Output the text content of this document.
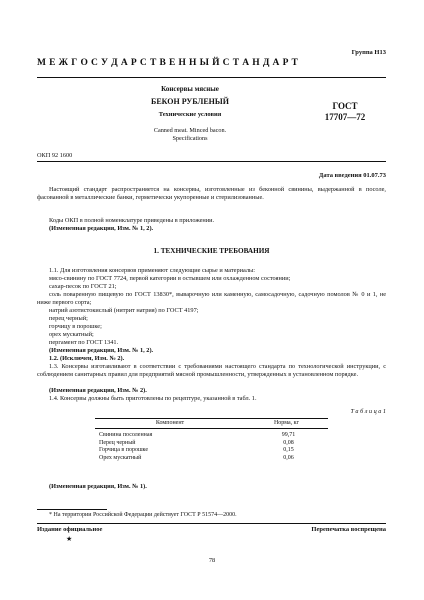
Группа Н13
М Е Ж Г О С У Д А Р С Т В Е Н Н Ы Й С Т А Н Д А Р Т
Консервы мясные
БЕКОН РУБЛЕНЫЙ
Технические условия
Canned meat. Minced bacon.
Specifications
ГОСТ
17707—72
ОКП 92 1600
Дата введения 01.07.73
Настоящий стандарт распространяется на консервы, изготовленные из беконной свинины, выдержанной в посоле, фасованной в металлические банки, герметически укупоренные и стерилизованные.
Коды ОКП в полной номенклатуре приведены в приложении.
(Измененная редакция, Изм. № 1, 2).
1. ТЕХНИЧЕСКИЕ ТРЕБОВАНИЯ
1.1. Для изготовления консервов применяют следующие сырье и материалы:
мясо-свинину по ГОСТ 7724, первой категории в остывшем или охлажденном состоянии;
сахар-песок по ГОСТ 21;
соль поваренную пищевую по ГОСТ 13830*, выварочную или каменную, самосадочную, садочную помолов № 0 и 1, не ниже первого сорта;
натрий азотистокислый (нитрит натрия) по ГОСТ 4197;
перец черный;
горчицу в порошке;
орех мускатный;
пергамент по ГОСТ 1341.
(Измененная редакция, Изм. № 1, 2).
1.2. (Исключен, Изм. № 2).
1.3. Консервы изготавливают в соответствии с требованиями настоящего стандарта по технологической инструкции, с соблюдением санитарных правил для предприятий мясной промышленности, утвержденных в установленном порядке.
(Измененная редакция, Изм. № 2).
1.4. Консервы должны быть приготовлены по рецептуре, указанной в табл. 1.
Т а б л и ц а 1
Компонент	Норма, кг
Свинина посоленная	99,71
Перец черный	0,08
Горчица в порошке	0,15
Орех мускатный	0,06
(Измененная редакция, Изм. № 1).
* На территории Российской Федерации действует ГОСТ Р 51574—2000.
Издание официальное	Перепечатка воспрещена
★
78
